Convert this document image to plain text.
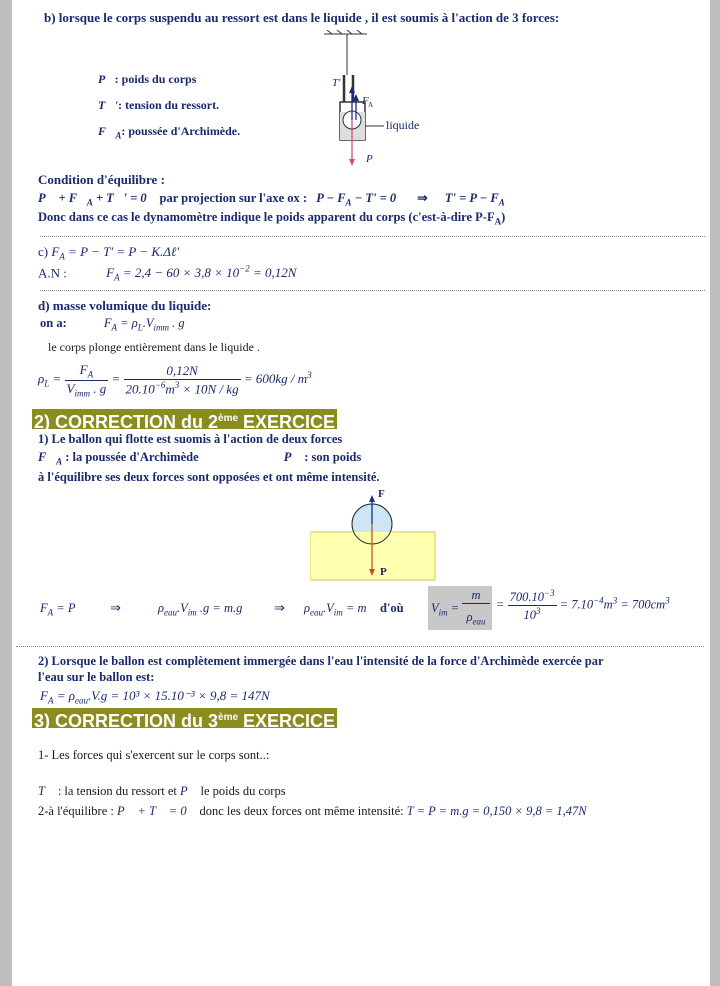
b) lorsque le corps suspendu au ressort est dans le liquide , il est soumis à l'action de 3 forces:
T'
F A
P
liquide
P⃗: poids du corps
T⃗': tension du ressort.
$F⃗_A$: poussée d'Archimède.
Condition d'équilibre :
P⃗ + $F⃗_A$ + T⃗' = 0⃗ par projection sur l'axe ox : $P - F_A - T' = 0$ ⇒ $T' = P - F_A$
Donc dans ce cas le dynamomètre indique le poids apparent du corps (c'est-à-dire $P-F_A$)
c) $F_A = P - T' = P$ − K.Δℓ'
A.N :	$F_A = 2,4 - 60 \times 3,8 \times 10^{-2} = 0,12N$
d) masse volumique du liquide:
on a:	$F_A = \rho_L.V_{imm}$ . g
le corps plonge entièrement dans le liquide .
$\rho_L = \frac{F_A}{V_{imm} . g} = \frac{0,12N}{20.10^{-6}m^3 \times 10N / kg} = 600kg / m^3$
2) CORRECTION du 2ème EXERCICE
1) Le ballon qui flotte est suomis à l'action de deux forces
$F⃗_A$ : la poussée d'Archimède	P⃗ : son poids
à l'équilibre ses deux forces sont opposées et ont même intensité.
F
P
$F_A = P$	⇒	$\rho_{eau}.V_{im}$ .g = m.g ⇒ $\rho_{eau}.V_{im} = m$ d'où $V_{im}$ =
m
$\rho_{eau}$
= $\frac{700.10^{-3}}{10^3} = 7.10^{-4}m^3 = 700cm^3$
2) Lorsque le ballon est complètement immergée dans l'eau l'intensité de la force d'Archimède exercée par
l'eau sur le ballon est:
$F_A = \rho_{eau}.V.g = 10^3 \times 15.10^{-3} \times 9,8 = 147N$
3) CORRECTION du 3ème EXERCICE
1- Les forces qui s'exercent sur le corps sont..:
T⃗ : la tension du ressort et P⃗ le poids du corps
2-à l'équilibre : P⃗ + T⃗ = 0⃗ donc les deux forces ont même intensité: T = P = m.g = 0,150 × 9,8 = 1,47N
